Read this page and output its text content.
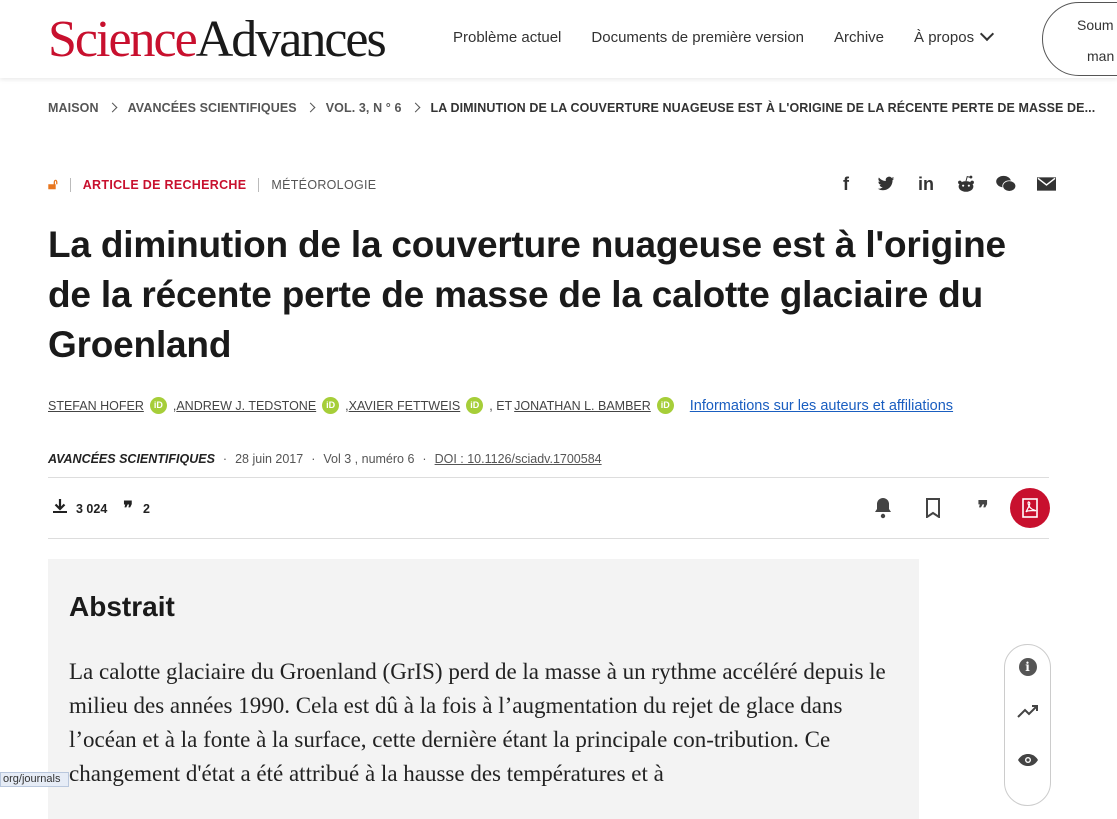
ScienceAdvances	Problème actuel Documents de première version Archive À propos
Soum
man
MAISON AVANCÉES SCIENTIFIQUES VOL. 3, N ° 6 LA DIMINUTION DE LA COUVERTURE NUAGEUSE EST À L'ORIGINE DE LA RÉCENTE PERTE DE MASSE DE...
🔓︎ ARTICLE DE RECHERCHE MÉTÉOROLOGIE	f	in
La diminution de la couverture nuageuse est à l'origine de la récente perte de masse de la calotte glaciaire du Groenland
STEFAN HOFER	iD , ANDREW J. TEDSTONE	iD , XAVIER FETTWEIS	iD , ET JONATHAN L. BAMBER	iD Informations sur les auteurs et affiliations
AVANCÉES SCIENTIFIQUES · 28 juin 2017 · Vol 3 , numéro 6 · DOI : 10.1126/sciadv.1700584
3 024 ❞ 2	❞
Abstrait

La calotte glaciaire du Groenland (GrIS) perd de la masse à un rythme accéléré depuis le milieu des années 1990. Cela est dû à la fois à l’augmentation du rejet de glace dans l’océan et à la fonte à la surface, cette dernière étant la principale con-tribution. Ce changement d'état a été attribué à la hausse des températures et à

i
org/journals
